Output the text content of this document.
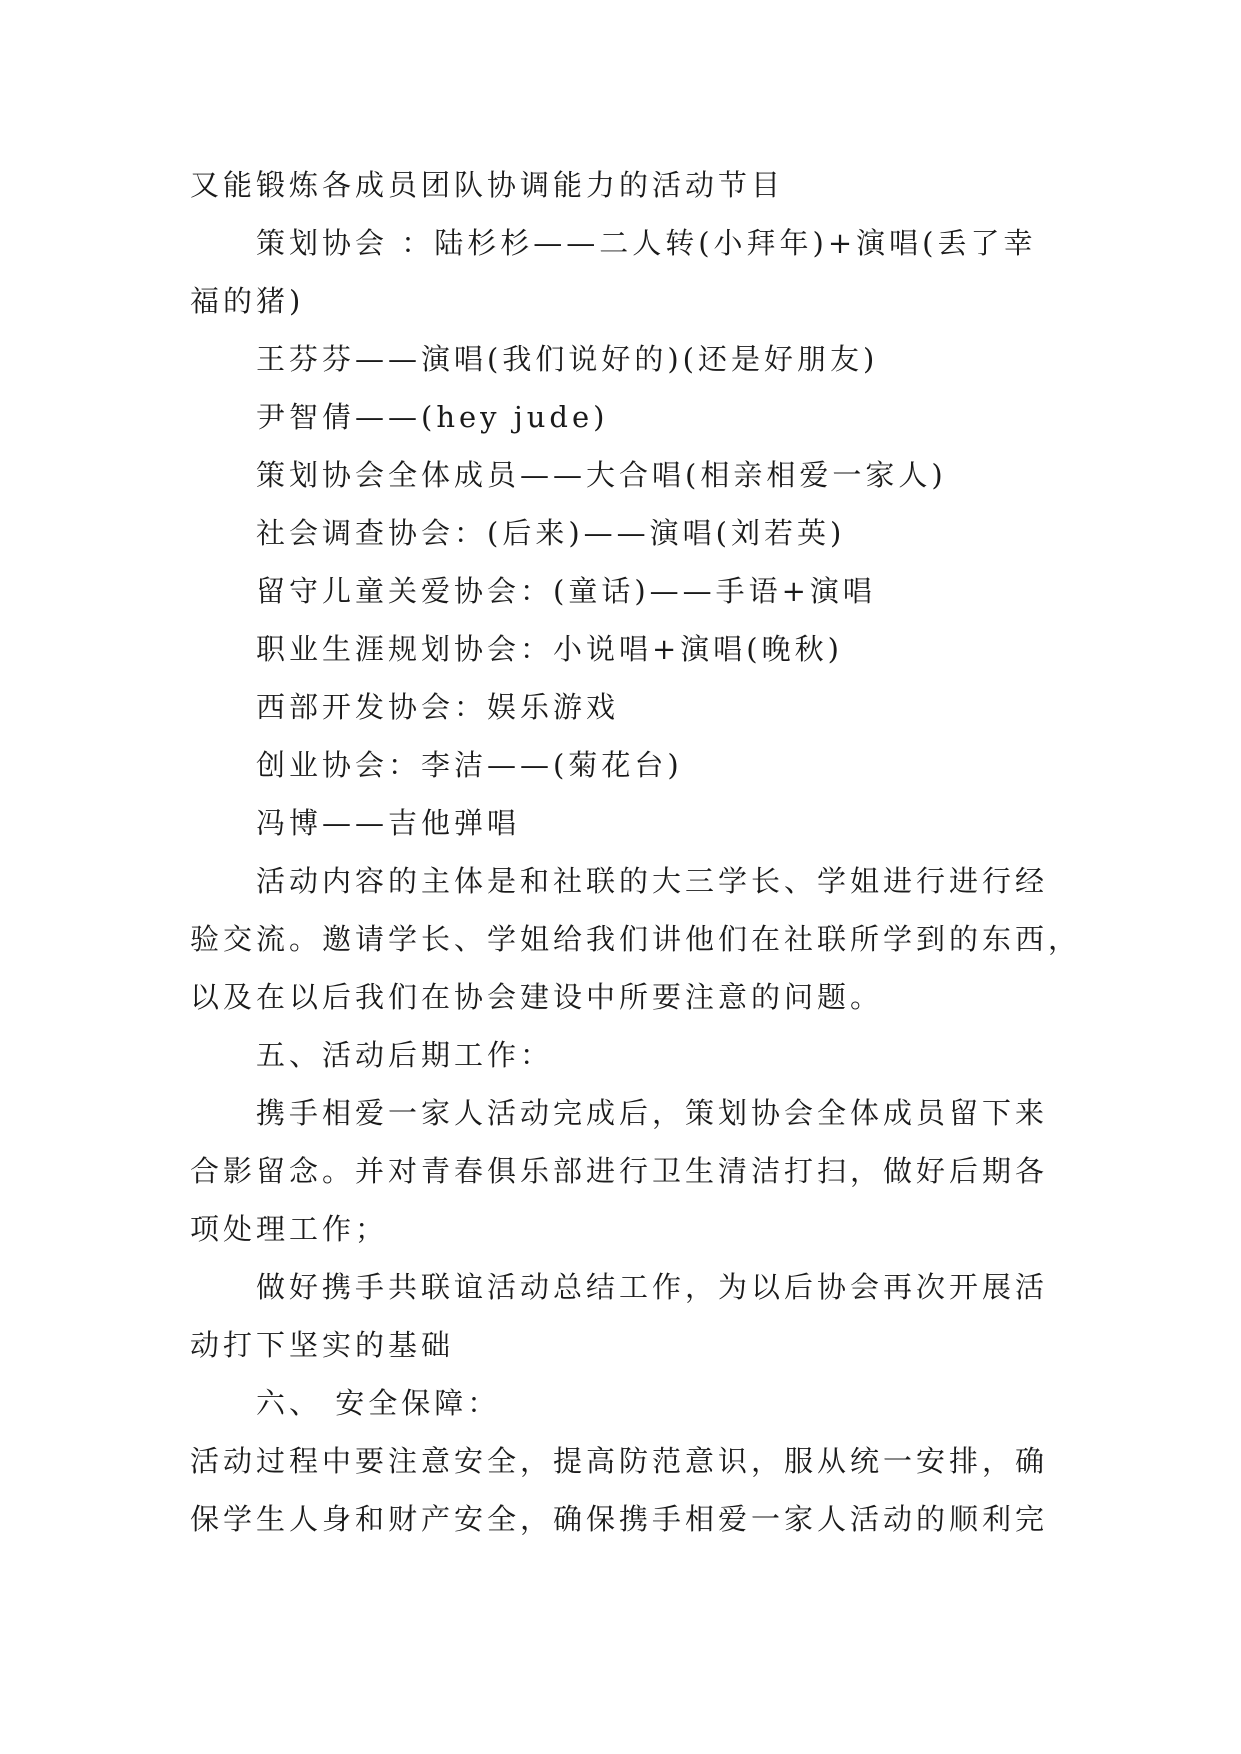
又能锻炼各成员团队协调能力的活动节目
策划协会 ：陆杉杉——二人转(小拜年)+演唱(丢了幸
福的猪)
王芬芬——演唱(我们说好的)(还是好朋友)
尹智倩——(hey jude)
策划协会全体成员——大合唱(相亲相爱一家人)
社会调查协会：(后来)——演唱(刘若英)
留守儿童关爱协会：(童话)——手语+演唱
职业生涯规划协会：小说唱+演唱(晚秋)
西部开发协会：娱乐游戏
创业协会：李洁——(菊花台)
冯博——吉他弹唱
活动内容的主体是和社联的大三学长、学姐进行进行经
验交流。邀请学长、学姐给我们讲他们在社联所学到的东西，
以及在以后我们在协会建设中所要注意的问题。
五、活动后期工作：
携手相爱一家人活动完成后，策划协会全体成员留下来
合影留念。并对青春俱乐部进行卫生清洁打扫，做好后期各
项处理工作；
做好携手共联谊活动总结工作，为以后协会再次开展活
动打下坚实的基础
六、 安全保障：
活动过程中要注意安全，提高防范意识，服从统一安排，确
保学生人身和财产安全，确保携手相爱一家人活动的顺利完
